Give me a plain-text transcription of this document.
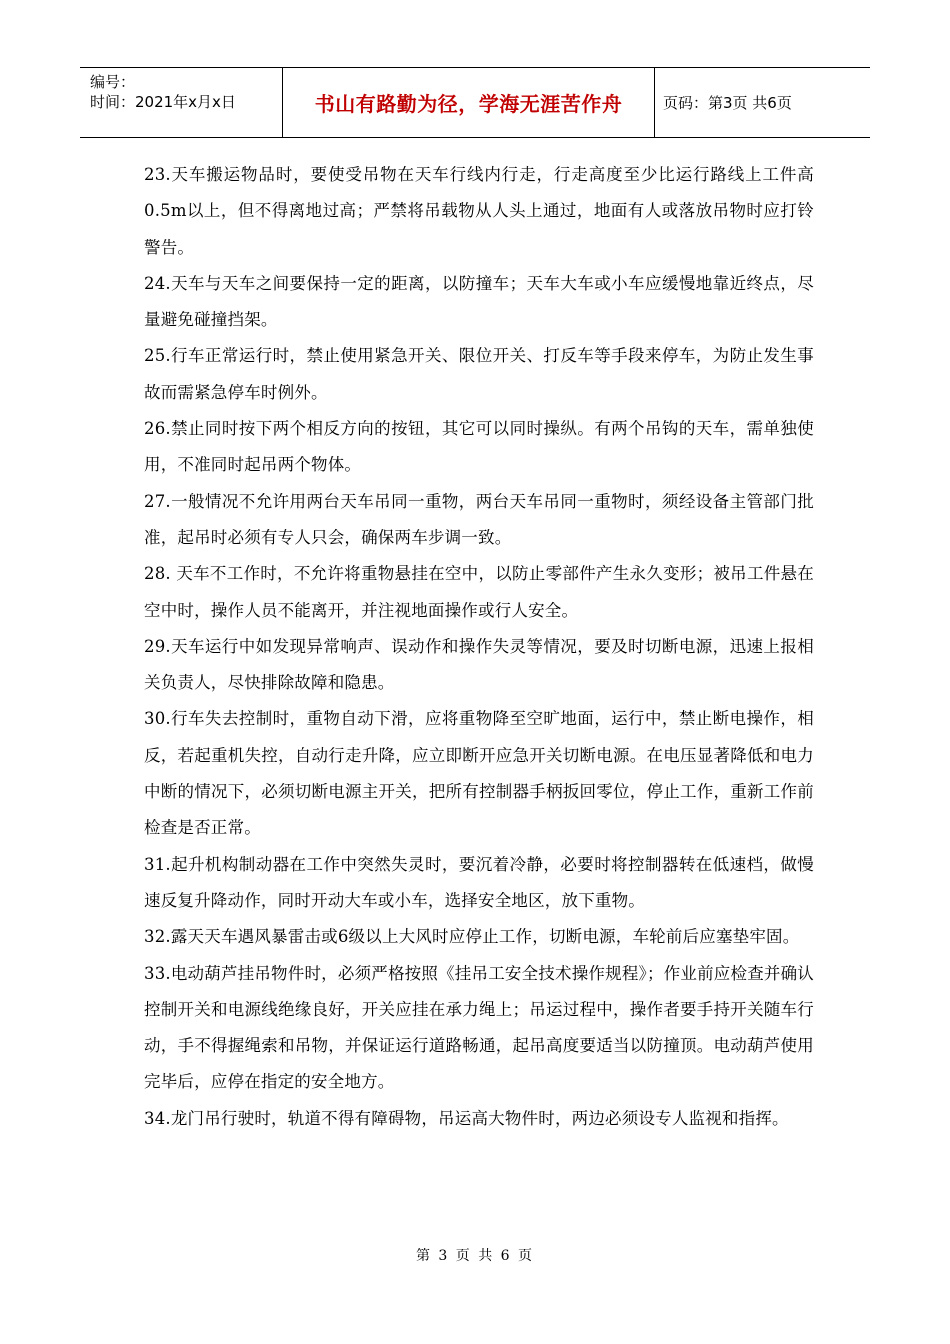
编号：
时间：2021年x月x日	书山有路勤为径，学海无涯苦作舟	页码：第3页 共6页

23.天车搬运物品时，要使受吊物在天车行线内行走，行走高度至少比运行路线上工件高0.5m以上，但不得离地过高；严禁将吊载物从人头上通过，地面有人或落放吊物时应打铃警告。

24.天车与天车之间要保持一定的距离，以防撞车；天车大车或小车应缓慢地靠近终点，尽量避免碰撞挡架。

25.行车正常运行时，禁止使用紧急开关、限位开关、打反车等手段来停车，为防止发生事故而需紧急停车时例外。

26.禁止同时按下两个相反方向的按钮，其它可以同时操纵。有两个吊钩的天车，需单独使用，不准同时起吊两个物体。

27.一般情况不允许用两台天车吊同一重物，两台天车吊同一重物时，须经设备主管部门批准，起吊时必须有专人只会，确保两车步调一致。

28. 天车不工作时，不允许将重物悬挂在空中，以防止零部件产生永久变形；被吊工件悬在空中时，操作人员不能离开，并注视地面操作或行人安全。

29.天车运行中如发现异常响声、误动作和操作失灵等情况，要及时切断电源，迅速上报相关负责人，尽快排除故障和隐患。

30.行车失去控制时，重物自动下滑，应将重物降至空旷地面，运行中，禁止断电操作，相反，若起重机失控，自动行走升降，应立即断开应急开关切断电源。在电压显著降低和电力中断的情况下，必须切断电源主开关，把所有控制器手柄扳回零位，停止工作，重新工作前检查是否正常。

31.起升机构制动器在工作中突然失灵时，要沉着冷静，必要时将控制器转在低速档，做慢速反复升降动作，同时开动大车或小车，选择安全地区，放下重物。

32.露天天车遇风暴雷击或6级以上大风时应停止工作，切断电源，车轮前后应塞垫牢固。

33.电动葫芦挂吊物件时，必须严格按照《挂吊工安全技术操作规程》；作业前应检查并确认控制开关和电源线绝缘良好，开关应挂在承力绳上；吊运过程中，操作者要手持开关随车行动，手不得握绳索和吊物，并保证运行道路畅通，起吊高度要适当以防撞顶。电动葫芦使用完毕后，应停在指定的安全地方。

34.龙门吊行驶时，轨道不得有障碍物，吊运高大物件时，两边必须设专人监视和指挥。

第 3 页 共 6 页
